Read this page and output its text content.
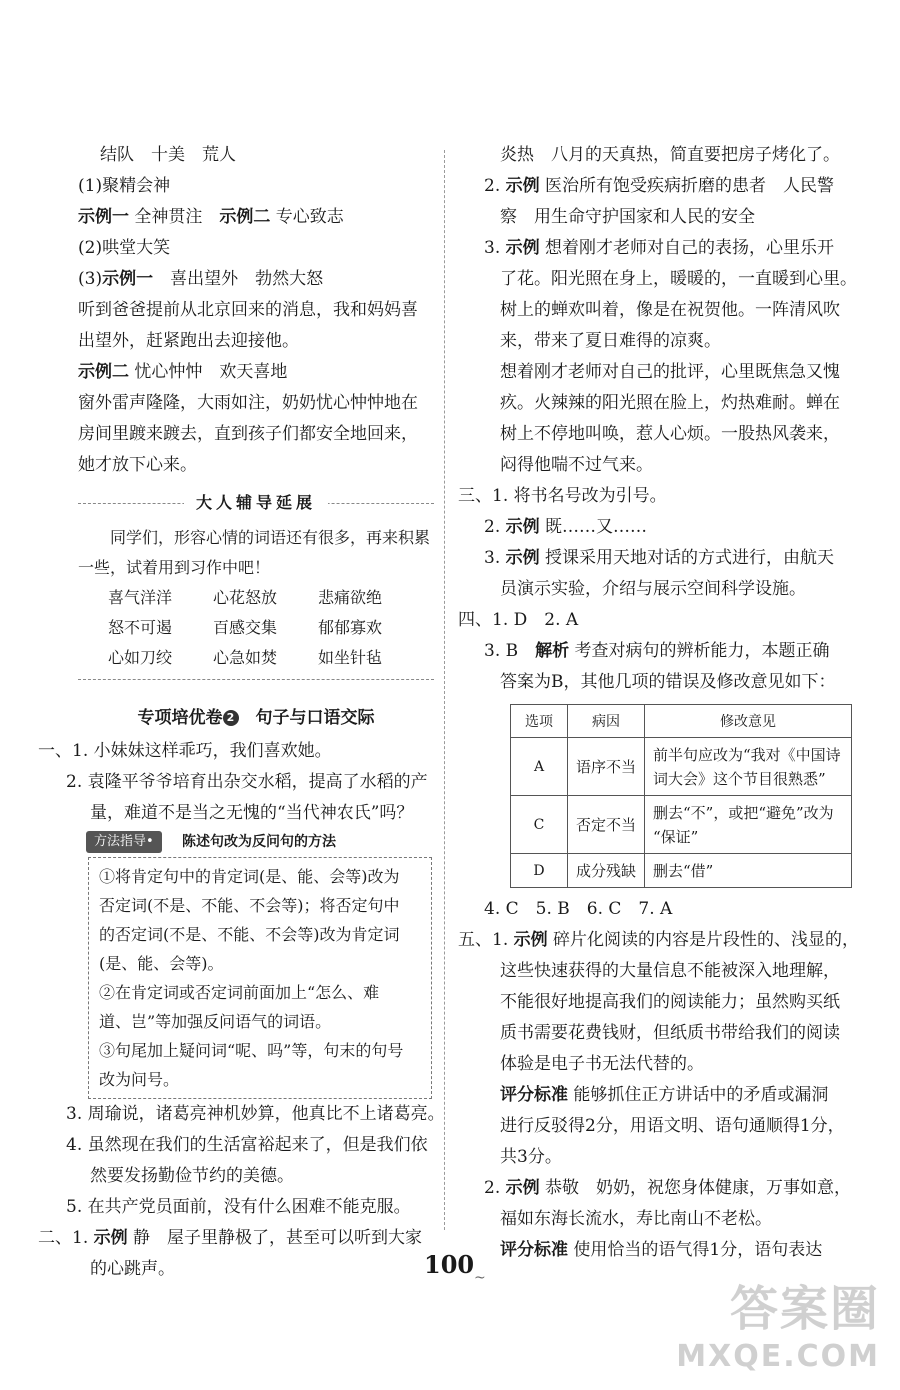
结队　十美　荒人
(1)聚精会神
示例一 全神贯注　示例二 专心致志
(2)哄堂大笑
(3)示例一　喜出望外　勃然大怒
听到爸爸提前从北京回来的消息，我和妈妈喜
出望外，赶紧跑出去迎接他。
示例二 忧心忡忡　欢天喜地
窗外雷声隆隆，大雨如注，奶奶忧心忡忡地在
房间里踱来踱去，直到孩子们都安全地回来，
她才放下心来。
大人辅导延展
同学们，形容心情的词语还有很多，再来积累一些，试着用到习作中吧！
喜气洋洋	心花怒放	悲痛欲绝
怒不可遏	百感交集	郁郁寡欢
心如刀绞	心急如焚	如坐针毡
专项培优卷 2　句子与口语交际
一、1. 小妹妹这样乖巧，我们喜欢她。
2. 袁隆平爷爷培育出杂交水稻，提高了水稻的产
量，难道不是当之无愧的“当代神农氏”吗？
方法指导•	陈述句改为反问句的方法
①将肯定句中的肯定词(是、能、会等)改为
否定词(不是、不能、不会等)；将否定句中
的否定词(不是、不能、不会等)改为肯定词
(是、能、会等)。
②在肯定词或否定词前面加上“怎么、难
道、岂”等加强反问语气的词语。
③句尾加上疑问词“呢、吗”等，句末的句号
改为问号。
3. 周瑜说，诸葛亮神机妙算，他真比不上诸葛亮。
4. 虽然现在我们的生活富裕起来了，但是我们依
然要发扬勤俭节约的美德。
5. 在共产党员面前，没有什么困难不能克服。
二、1. 示例 静　屋子里静极了，甚至可以听到大家
的心跳声。
炎热　八月的天真热，简直要把房子烤化了。
2. 示例 医治所有饱受疾病折磨的患者　人民警
察　用生命守护国家和人民的安全
3. 示例 想着刚才老师对自己的表扬，心里乐开
了花。阳光照在身上，暖暖的，一直暖到心里。
树上的蝉欢叫着，像是在祝贺他。一阵清风吹
来，带来了夏日难得的凉爽。
想着刚才老师对自己的批评，心里既焦急又愧
疚。火辣辣的阳光照在脸上，灼热难耐。蝉在
树上不停地叫唤，惹人心烦。一股热风袭来，
闷得他喘不过气来。
三、1. 将书名号改为引号。
2. 示例 既……又……
3. 示例 授课采用天地对话的方式进行，由航天
员演示实验，介绍与展示空间科学设施。
四、1. D　2. A
3. B　解析 考查对病句的辨析能力，本题正确
答案为B，其他几项的错误及修改意见如下：
选项	病因	修改意见
A	语序不当	前半句应改为“我对《中国诗
词大会》这个节目很熟悉”

C	否定不当	删去“不”，或把“避免”改为
“保证”

D	成分残缺	删去“借”
4. C　5. B　6. C　7. A
五、1. 示例 碎片化阅读的内容是片段性的、浅显的，
这些快速获得的大量信息不能被深入地理解，
不能很好地提高我们的阅读能力；虽然购买纸
质书需要花费钱财，但纸质书带给我们的阅读
体验是电子书无法代替的。
评分标准 能够抓住正方讲话中的矛盾或漏洞
进行反驳得2分，用语文明、语句通顺得1分，
共3分。
2. 示例 恭敬　奶奶，祝您身体健康，万事如意，
福如东海长流水，寿比南山不老松。
评分标准 使用恰当的语气得1分，语句表达
100 ~
答案圈
MXQE.COM
